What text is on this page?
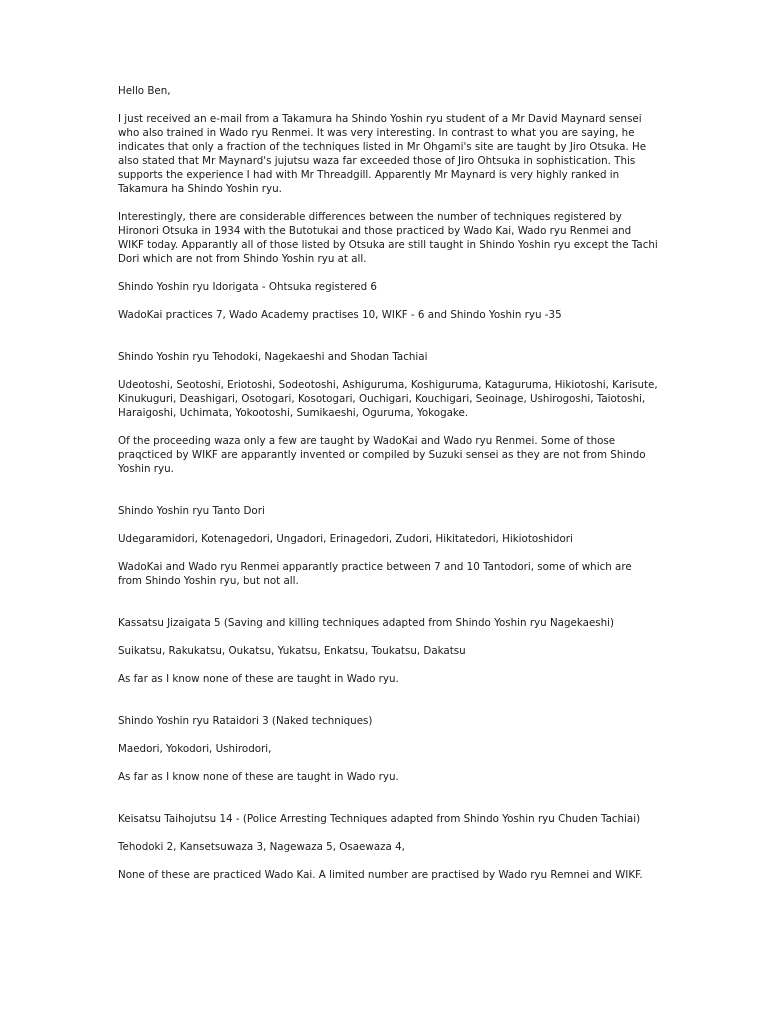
Hello Ben,

I just received an e-mail from a Takamura ha Shindo Yoshin ryu student of a Mr David Maynard sensei who also trained in Wado ryu Renmei. It was very interesting. In contrast to what you are saying, he indicates that only a fraction of the techniques listed in Mr Ohgami's site are taught by Jiro Otsuka. He also stated that Mr Maynard's jujutsu waza far exceeded those of Jiro Ohtsuka in sophistication. This supports the experience I had with Mr Threadgill. Apparently Mr Maynard is very highly ranked in Takamura ha Shindo Yoshin ryu.

Interestingly, there are considerable differences between the number of techniques registered by Hironori Otsuka in 1934 with the Butotukai and those practiced by Wado Kai, Wado ryu Renmei and WIKF today. Apparantly all of those listed by Otsuka are still taught in Shindo Yoshin ryu except the Tachi Dori which are not from Shindo Yoshin ryu at all.

Shindo Yoshin ryu Idorigata - Ohtsuka registered 6

WadoKai practices 7, Wado Academy practises 10, WIKF - 6 and Shindo Yoshin ryu -35

Shindo Yoshin ryu Tehodoki, Nagekaeshi and Shodan Tachiai

Udeotoshi, Seotoshi, Eriotoshi, Sodeotoshi, Ashiguruma, Koshiguruma, Kataguruma, Hikiotoshi, Karisute, Kinukuguri, Deashigari, Osotogari, Kosotogari, Ouchigari, Kouchigari, Seoinage, Ushirogoshi, Taiotoshi, Haraigoshi, Uchimata, Yokootoshi, Sumikaeshi, Oguruma, Yokogake.

Of the proceeding waza only a few are taught by WadoKai and Wado ryu Renmei. Some of those praqcticed by WIKF are apparantly invented or compiled by Suzuki sensei as they are not from Shindo Yoshin ryu.

Shindo Yoshin ryu Tanto Dori

Udegaramidori, Kotenagedori, Ungadori, Erinagedori, Zudori, Hikitatedori, Hikiotoshidori

WadoKai and Wado ryu Renmei apparantly practice between 7 and 10 Tantodori, some of which are from Shindo Yoshin ryu, but not all.

Kassatsu Jizaigata 5 (Saving and killing techniques adapted from Shindo Yoshin ryu Nagekaeshi)

Suikatsu, Rakukatsu, Oukatsu, Yukatsu, Enkatsu, Toukatsu, Dakatsu

As far as I know none of these are taught in Wado ryu.

Shindo Yoshin ryu Rataidori 3 (Naked techniques)

Maedori, Yokodori, Ushirodori,

As far as I know none of these are taught in Wado ryu.

Keisatsu Taihojutsu 14 - (Police Arresting Techniques adapted from Shindo Yoshin ryu Chuden Tachiai)

Tehodoki 2, Kansetsuwaza 3, Nagewaza 5, Osaewaza 4,

None of these are practiced Wado Kai. A limited number are practised by Wado ryu Remnei and WIKF.
